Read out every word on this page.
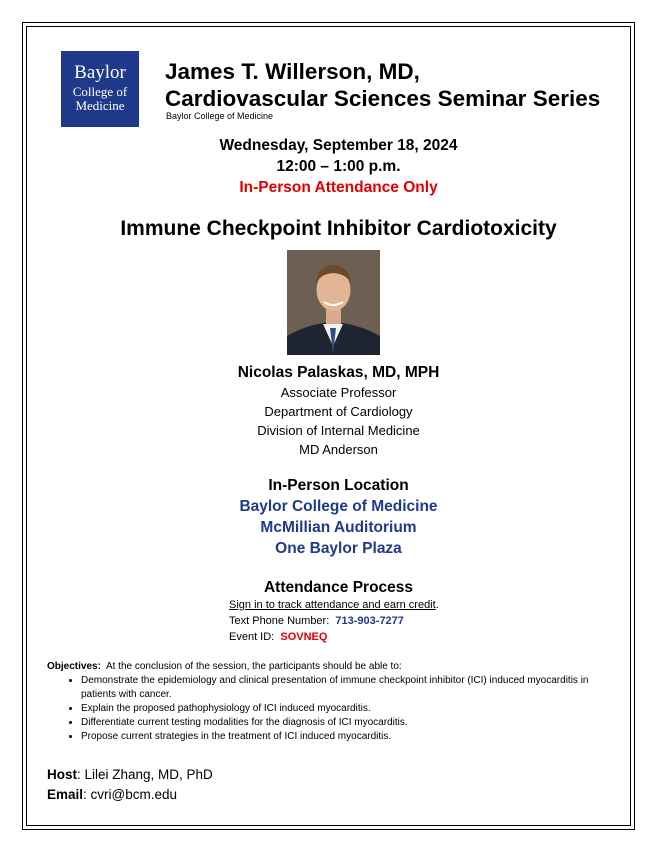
Baylor
College of
Medicine
James T. Willerson, MD,
Cardiovascular Sciences Seminar Series
Baylor College of Medicine
Wednesday, September 18, 2024
12:00 – 1:00 p.m.
In-Person Attendance Only
Immune Checkpoint Inhibitor Cardiotoxicity
Nicolas Palaskas, MD, MPH
Associate Professor
Department of Cardiology
Division of Internal Medicine
MD Anderson
In-Person Location
Baylor College of Medicine
McMillian Auditorium
One Baylor Plaza
Attendance Process
Sign in to track attendance and earn credit.
Text Phone Number: 713-903-7277
Event ID: SOVNEQ
Objectives: At the conclusion of the session, the participants should be able to:
• Demonstrate the epidemiology and clinical presentation of immune checkpoint inhibitor (ICI) induced myocarditis in patients with cancer.
• Explain the proposed pathophysiology of ICI induced myocarditis.
• Differentiate current testing modalities for the diagnosis of ICI myocarditis.
• Propose current strategies in the treatment of ICI induced myocarditis.
Host: Lilei Zhang, MD, PhD
Email: cvri@bcm.edu
